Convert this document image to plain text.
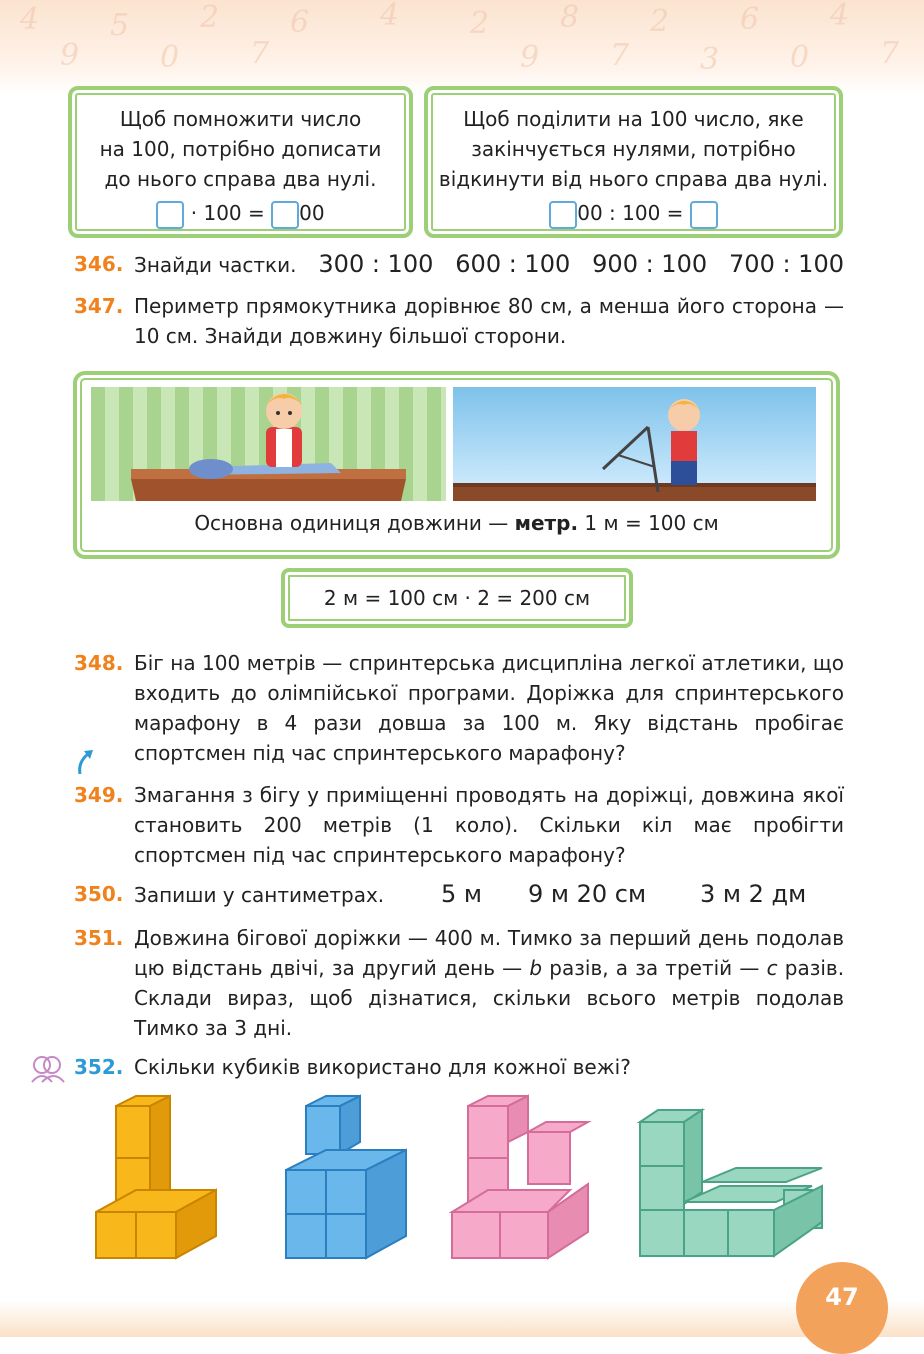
4 5 2 6 4 2 8 2 6 4
9	0 7	9 7 3 0 7
Щоб помножити число
на 100, потрібно дописати
до нього справа два нулі.
· 100 = 00
Щоб поділити на 100 число, яке
закінчується нулями, потрібно
відкинути від нього справа два нулі.
00 : 100 =
346. Знайди частки. 300 : 100 600 : 100 900 : 100 700 : 100
347. Периметр прямокутника дорівнює 80 см, а менша його сторона — 10 см. Знайди довжину більшої сторони.
Основна одиниця довжини — метр. 1 м = 100 см
2 м = 100 см · 2 = 200 см
348. Біг на 100 метрів — спринтерська дисципліна легкої атлетики, що входить до олімпійської програми. Доріжка для спринтерського марафону в 4 рази довша за 100 м. Яку відстань пробігає спортсмен під час спринтерського марафону?
349. Змагання з бігу у приміщенні проводять на доріжці, довжина якої становить 200 метрів (1 коло). Скільки кіл має пробігти спортсмен під час спринтерського марафону?
350. Запиши у сантиметрах.	5 м	9 м 20 см	3 м 2 дм
351. Довжина бігової доріжки — 400 м. Тимко за перший день подолав цю відстань двічі, за другий день — b разів, а за третій — c разів. Склади вираз, щоб дізнатися, скільки всього метрів подолав Тимко за 3 дні.
352. Скільки кубиків використано для кожної вежі?
47
